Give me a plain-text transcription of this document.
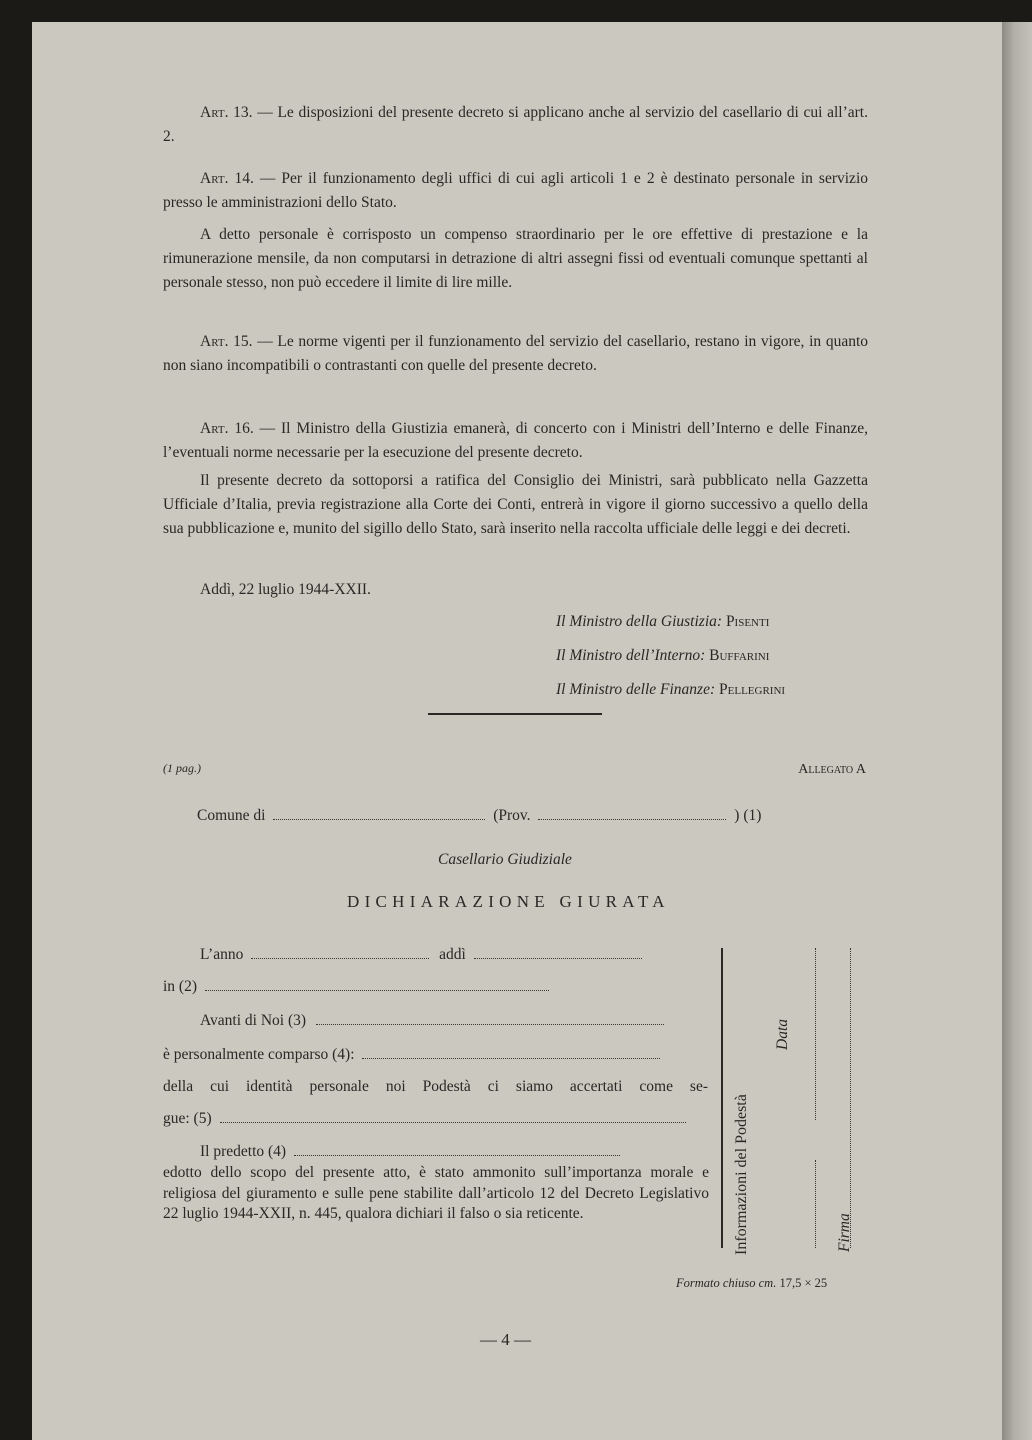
Art. 13. — Le disposizioni del presente decreto si applicano anche al servizio del casellario di cui all’art. 2.

Art. 14. — Per il funzionamento degli uffici di cui agli articoli 1 e 2 è destinato personale in servizio presso le amministrazioni dello Stato.

A detto personale è corrisposto un compenso straordinario per le ore effettive di prestazione e la rimunerazione mensile, da non computarsi in detrazione di altri assegni fissi od eventuali comunque spettanti al personale stesso, non può eccedere il limite di lire mille.

Art. 15. — Le norme vigenti per il funzionamento del servizio del casellario, restano in vigore, in quanto non siano incompatibili o contrastanti con quelle del presente decreto.

Art. 16. — Il Ministro della Giustizia emanerà, di concerto con i Ministri dell’Interno e delle Finanze, l’eventuali norme necessarie per la esecuzione del presente decreto.

Il presente decreto da sottoporsi a ratifica del Consiglio dei Ministri, sarà pubblicato nella Gazzetta Ufficiale d’Italia, previa registrazione alla Corte dei Conti, entrerà in vigore il giorno successivo a quello della sua pubblicazione e, munito del sigillo dello Stato, sarà inserito nella raccolta ufficiale delle leggi e dei decreti.

Addì, 22 luglio 1944-XXII.
Il Ministro della Giustizia: Pisenti
Il Ministro dell’Interno: Buffarini
Il Ministro delle Finanze: Pellegrini
(1 pag.)	Allegato A
Comune di	(Prov.	) (1)
Casellario Giudiziale
DICHIARAZIONE GIURATA
L’anno	addì
in (2)
Avanti di Noi (3)
è personalmente comparso (4):
della cui identità personale noi Podestà ci siamo accertati come se-
gue: (5)
Il predetto (4)
edotto dello scopo del presente atto, è stato ammonito sull’importanza morale e religiosa del giuramento e sulle pene stabilite dall’articolo 12 del Decreto Legislativo 22 luglio 1944-XXII, n. 445, qualora dichiari il falso o sia reticente.	Informazioni del Podestà
Data
Firma
Formato chiuso cm. 17,5 × 25
— 4 —
